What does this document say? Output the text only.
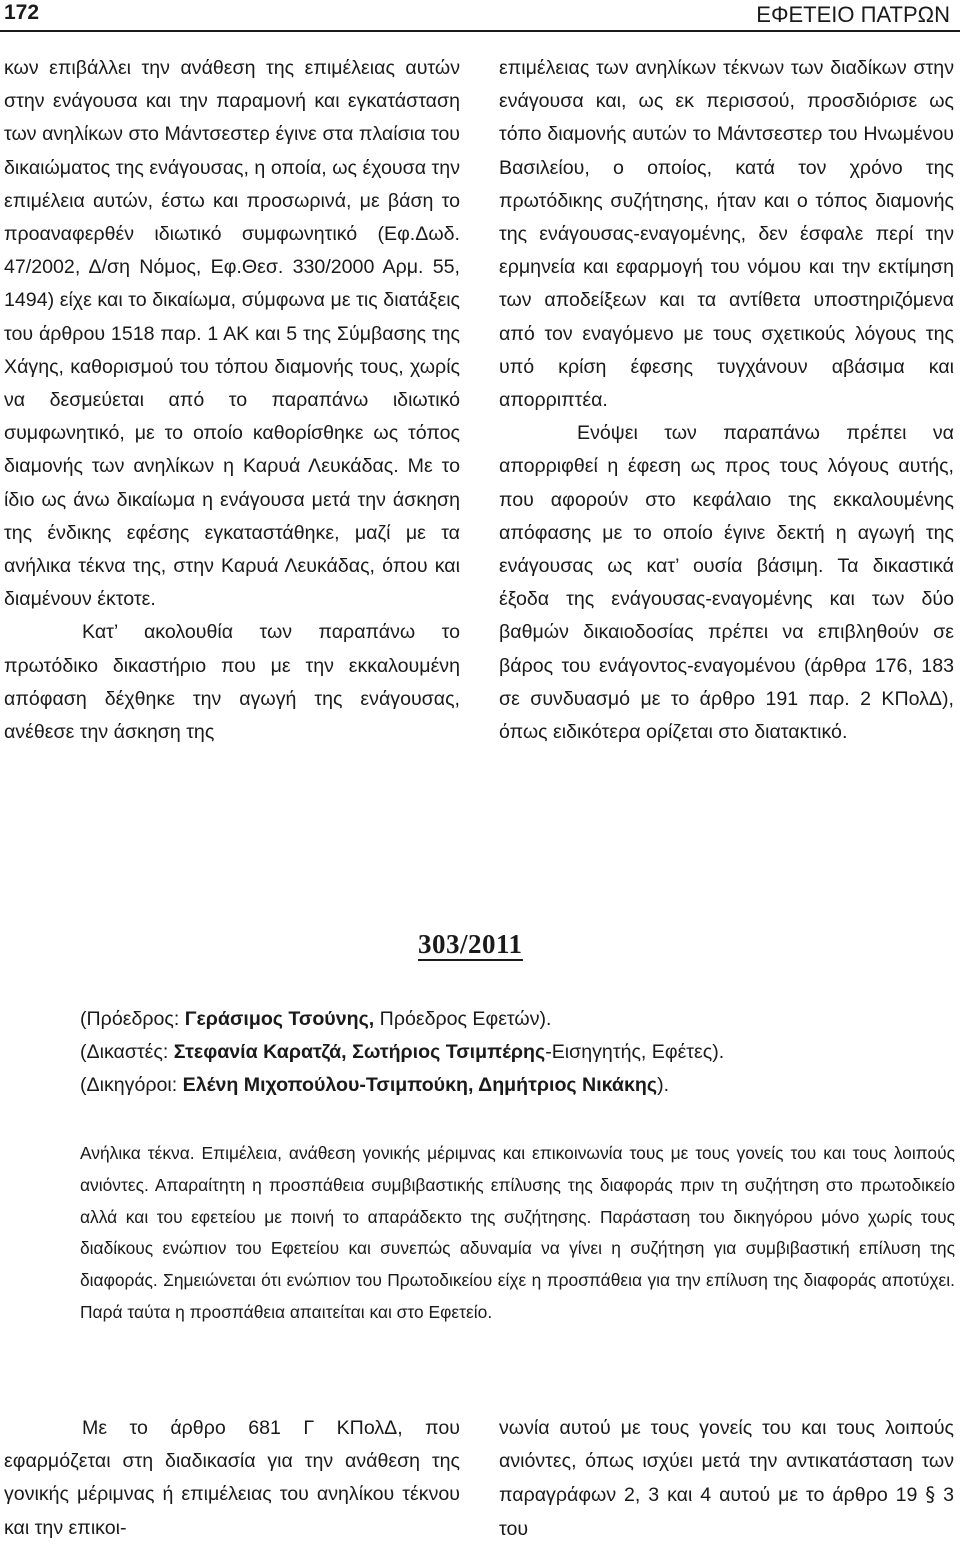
172	ΕΦΕΤΕΙΟ ΠΑΤΡΩΝ

κων επιβάλλει την ανάθεση της επιμέλειας αυτών στην ενάγουσα και την παραμονή και εγκατάσταση των ανηλίκων στο Μάντσεστερ έγινε στα πλαίσια του δικαιώματος της ενάγουσας, η οποία, ως έχουσα την επιμέλεια αυτών, έστω και προσωρινά, με βάση το προαναφερθέν ιδιωτικό συμφωνητικό (Εφ.Δωδ. 47/2002, Δ/ση Νόμος, Εφ.Θεσ. 330/2000 Αρμ. 55, 1494) είχε και το δικαίωμα, σύμφωνα με τις διατάξεις του άρθρου 1518 παρ. 1 ΑΚ και 5 της Σύμβασης της Χάγης, καθορισμού του τόπου διαμονής τους, χωρίς να δεσμεύεται από το παραπάνω ιδιωτικό συμφωνητικό, με το οποίο καθορίσθηκε ως τόπος διαμονής των ανηλίκων η Καρυά Λευκάδας. Με το ίδιο ως άνω δικαίωμα η ενάγουσα μετά την άσκηση της ένδικης εφέσης εγκαταστάθηκε, μαζί με τα ανήλικα τέκνα της, στην Καρυά Λευκάδας, όπου και διαμένουν έκτοτε.

Κατ’ ακολουθία των παραπάνω το πρωτόδικο δικαστήριο που με την εκκαλουμένη απόφαση δέχθηκε την αγωγή της ενάγουσας, ανέθεσε την άσκηση της

επιμέλειας των ανηλίκων τέκνων των διαδίκων στην ενάγουσα και, ως εκ περισσού, προσδιόρισε ως τόπο διαμονής αυτών το Μάντσεστερ του Ηνωμένου Βασιλείου, ο οποίος, κατά τον χρόνο της πρωτόδικης συζήτησης, ήταν και ο τόπος διαμονής της ενάγουσας-εναγομένης, δεν έσφαλε περί την ερμηνεία και εφαρμογή του νόμου και την εκτίμηση των αποδείξεων και τα αντίθετα υποστηριζόμενα από τον εναγόμενο με τους σχετικούς λόγους της υπό κρίση έφεσης τυγχάνουν αβάσιμα και απορριπτέα.

Ενόψει των παραπάνω πρέπει να απορριφθεί η έφεση ως προς τους λόγους αυτής, που αφορούν στο κεφάλαιο της εκκαλουμένης απόφασης με το οποίο έγινε δεκτή η αγωγή της ενάγουσας ως κατ’ ουσία βάσιμη. Τα δικαστικά έξοδα της ενάγουσας-εναγομένης και των δύο βαθμών δικαιοδοσίας πρέπει να επιβληθούν σε βάρος του ενάγοντος-εναγομένου (άρθρα 176, 183 σε συνδυασμό με το άρθρο 191 παρ. 2 ΚΠολΔ), όπως ειδικότερα ορίζεται στο διατακτικό.

303/2011
(Πρόεδρος: Γεράσιμος Τσούνης, Πρόεδρος Εφετών).
(Δικαστές: Στεφανία Καρατζά, Σωτήριος Τσιμπέρης-Εισηγητής, Εφέτες).
(Δικηγόροι: Ελένη Μιχοπούλου-Τσιμπούκη, Δημήτριος Νικάκης).
Ανήλικα τέκνα. Επιμέλεια, ανάθεση γονικής μέριμνας και επικοινωνία τους με τους γονείς του και τους λοιπούς ανιόντες. Απαραίτητη η προσπάθεια συμβιβαστικής επίλυσης της διαφοράς πριν τη συζήτηση στο πρωτοδικείο αλλά και του εφετείου με ποινή το απαράδεκτο της συζήτησης. Παράσταση του δικηγόρου μόνο χωρίς τους διαδίκους ενώπιον του Εφετείου και συνεπώς αδυναμία να γίνει η συζήτηση για συμβιβαστική επίλυση της διαφοράς. Σημειώνεται ότι ενώπιον του Πρωτοδικείου είχε η προσπάθεια για την επίλυση της διαφοράς αποτύχει. Παρά ταύτα η προσπάθεια απαιτείται και στο Εφετείο.

Με το άρθρο 681 Γ ΚΠολΔ, που εφαρμόζεται στη διαδικασία για την ανάθεση της γονικής μέριμνας ή επιμέλειας του ανηλίκου τέκνου και την επικοι-

νωνία αυτού με τους γονείς του και τους λοιπούς ανιόντες, όπως ισχύει μετά την αντικατάσταση των παραγράφων 2, 3 και 4 αυτού με το άρθρο 19 § 3 του
